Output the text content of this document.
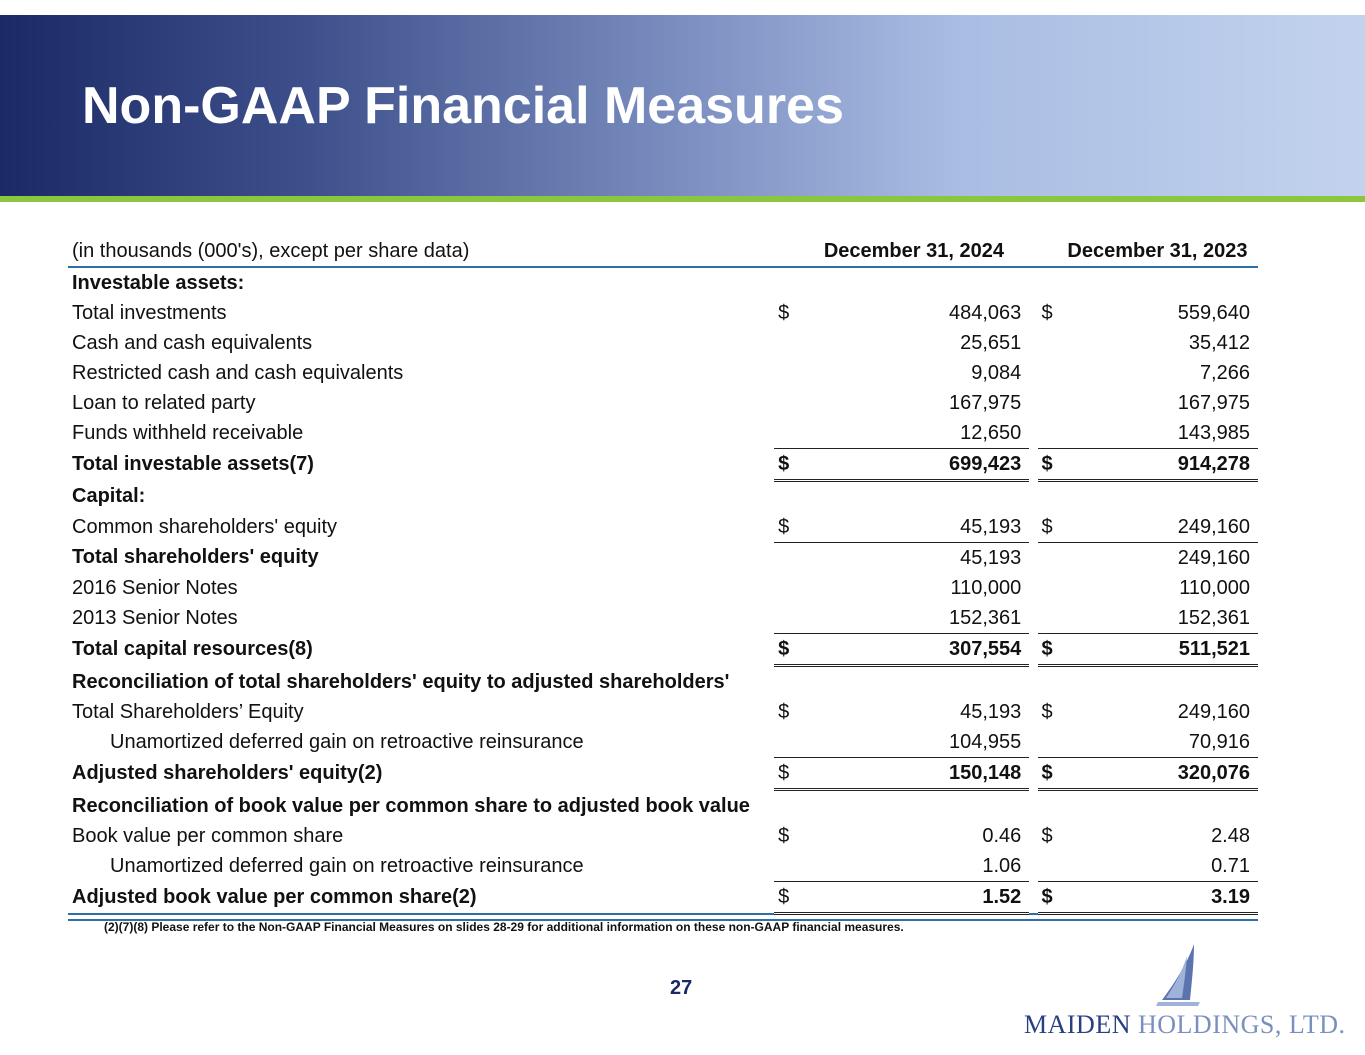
Non-GAAP Financial Measures
(in thousands (000's), except per share data)		December 31, 2024			December 31, 2023
Investable assets:					
Total investments	$	484,063		$	559,640
Cash and cash equivalents		25,651			35,412
Restricted cash and cash equivalents		9,084			7,266
Loan to related party		167,975			167,975
Funds withheld receivable		12,650			143,985
Total investable assets(7)	$	699,423		$	914,278
Capital:					
Common shareholders' equity	$	45,193		$	249,160
Total shareholders' equity		45,193			249,160
2016 Senior Notes		110,000			110,000
2013 Senior Notes		152,361			152,361
Total capital resources(8)	$	307,554		$	511,521
Reconciliation of total shareholders' equity to adjusted shareholders'					
Total Shareholders’ Equity	$	45,193		$	249,160
Unamortized deferred gain on retroactive reinsurance		104,955			70,916
Adjusted shareholders' equity(2)	$	150,148		$	320,076
Reconciliation of book value per common share to adjusted book value					
Book value per common share	$	0.46		$	2.48
Unamortized deferred gain on retroactive reinsurance		1.06			0.71
Adjusted book value per common share(2)	$	1.52		$	3.19
(2)(7)(8) Please refer to the Non-GAAP Financial Measures on slides 28-29 for additional information on these non-GAAP financial measures.
27
MAIDEN HOLDINGS, LTD.
